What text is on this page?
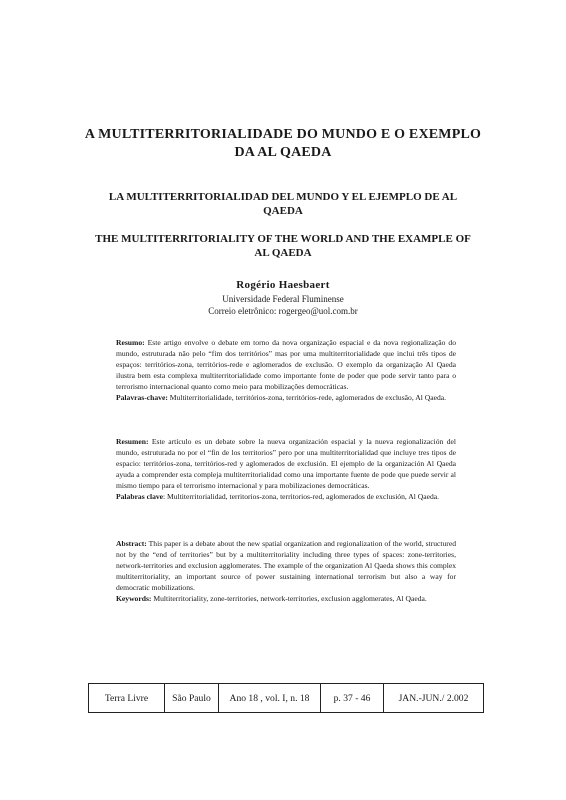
A MULTITERRITORIALIDADE DO MUNDO E O EXEMPLO DA AL QAEDA
LA MULTITERRITORIALIDAD DEL MUNDO Y EL EJEMPLO DE AL QAEDA
THE MULTITERRITORIALITY OF THE WORLD AND THE EXAMPLE OF AL QAEDA
Rogério Haesbaert
Universidade Federal Fluminense
Correio eletrônico: rogergeo@uol.com.br

Resumo: Este artigo envolve o debate em torno da nova organização espacial e da nova regionalização do mundo, estruturada não pelo “fim dos territórios” mas por uma multiterritorialidade que inclui três tipos de espaços: territórios-zona, territórios-rede e aglomerados de exclusão. O exemplo da organização Al Qaeda ilustra bem esta complexa multiterritorialidade como importante fonte de poder que pode servir tanto para o terrorismo internacional quanto como meio para mobilizações democráticas.

Palavras-chave: Multiterritorialidade, territórios-zona, territórios-rede, aglomerados de exclusão, Al Qaeda.

Resumen: Este artículo es un debate sobre la nueva organización espacial y la nueva regionalización del mundo, estruturada no por el “fin de los territorios” pero por una multiterritorialidad que incluye tres tipos de espacio: territórios-zona, territórios-red y aglomerados de exclusión. El ejemplo de la organización Al Qaeda ayuda a comprender esta compleja multiterritorialidad como una importante fuente de pode que puede servir al mismo tiempo para el terrorismo internacional y para mobilizaciones democráticas.

Palabras clave: Multiterritorialidad, territorios-zona, territorios-red, aglomerados de exclusión, Al Qaeda.

Abstract: This paper is a debate about the new spatial organization and regionalization of the world, structured not by the “end of territories” but by a multiterritoriality including three types of spaces: zone-territories, network-territories and exclusion agglomerates. The example of the organization Al Qaeda shows this complex multiterritoriality, an important source of power sustaining international terrorism but also a way for democratic mobilizations.

Keywords: Multiterritoriality, zone-territories, network-territories, exclusion agglomerates, Al Qaeda.

Terra Livre	São Paulo	Ano 18 , vol. I, n. 18	p. 37 - 46	JAN.-JUN./ 2.002
